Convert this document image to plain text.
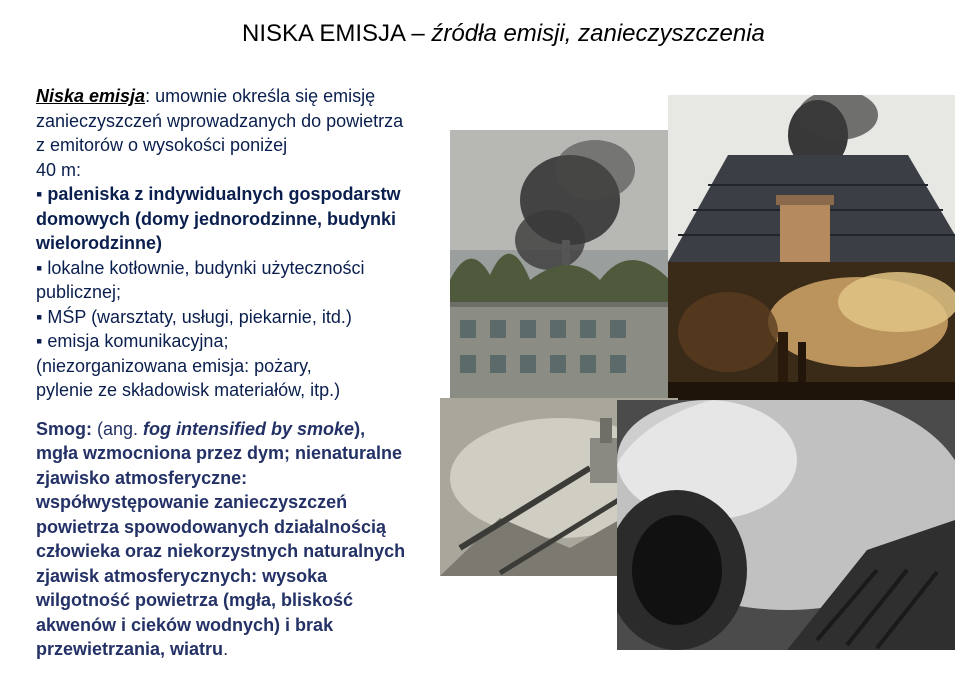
NISKA EMISJA – źródła emisji, zanieczyszczenia

Niska emisja: umownie określa się emisję

zanieczyszczeń wprowadzanych do powietrza

z emitorów o wysokości poniżej

40 m:

▪ paleniska z indywidualnych gospodarstw

domowych (domy jednorodzinne, budynki

wielorodzinne)

▪ lokalne kotłownie, budynki użyteczności

publicznej;

▪ MŚP (warsztaty, usługi, piekarnie, itd.)

▪ emisja komunikacyjna;

(niezorganizowana emisja: pożary,

pylenie ze składowisk materiałów, itp.)

Smog: (ang. fog intensified by smoke),

mgła wzmocniona przez dym; nienaturalne

zjawisko atmosferyczne:

współwystępowanie zanieczyszczeń

powietrza spowodowanych działalnością

człowieka oraz niekorzystnych naturalnych

zjawisk atmosferycznych: wysoka

wilgotność powietrza (mgła, bliskość

akwenów i cieków wodnych) i brak

przewietrzania, wiatru.
